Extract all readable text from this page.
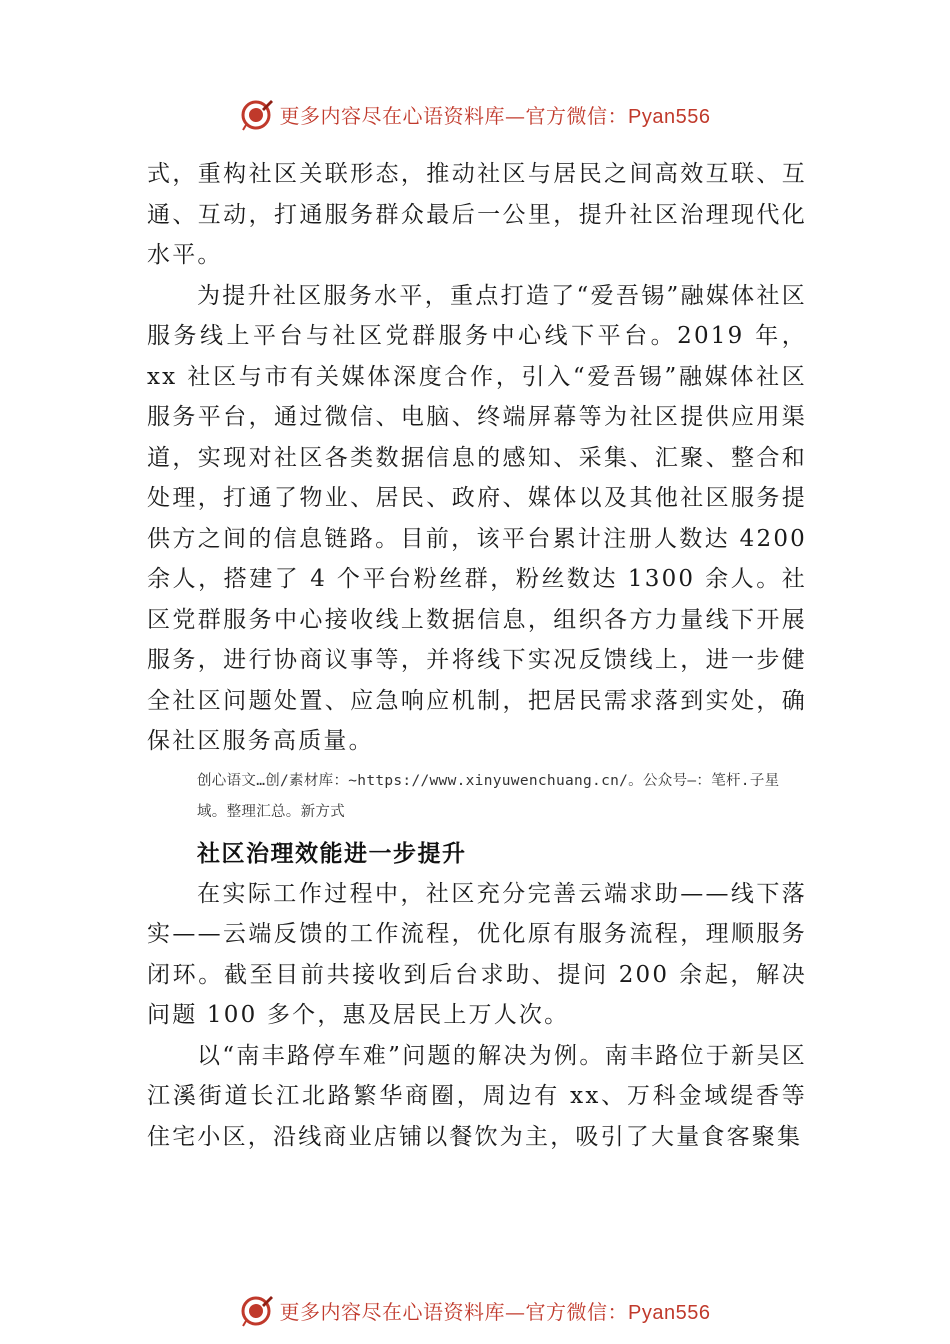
更多内容尽在心语资料库—官方微信：Pyan556

式，重构社区关联形态，推动社区与居民之间高效互联、互通、互动，打通服务群众最后一公里，提升社区治理现代化水平。

为提升社区服务水平，重点打造了“爱吾锡”融媒体社区服务线上平台与社区党群服务中心线下平台。2019 年，xx 社区与市有关媒体深度合作，引入“爱吾锡”融媒体社区服务平台，通过微信、电脑、终端屏幕等为社区提供应用渠道，实现对社区各类数据信息的感知、采集、汇聚、整合和处理，打通了物业、居民、政府、媒体以及其他社区服务提供方之间的信息链路。目前，该平台累计注册人数达 4200 余人，搭建了 4 个平台粉丝群，粉丝数达 1300 余人。社区党群服务中心接收线上数据信息，组织各方力量线下开展服务，进行协商议事等，并将线下实况反馈线上，进一步健全社区问题处置、应急响应机制，把居民需求落到实处，确保社区服务高质量。

创心语文…创/素材库：~https://www.xinyuwenchuang.cn/。公众号—：笔杆.子星域。整理汇总。新方式

社区治理效能进一步提升

在实际工作过程中，社区充分完善云端求助——线下落实——云端反馈的工作流程，优化原有服务流程，理顺服务闭环。截至目前共接收到后台求助、提问 200 余起，解决问题 100 多个，惠及居民上万人次。

以“南丰路停车难”问题的解决为例。南丰路位于新吴区江溪街道长江北路繁华商圈，周边有 xx、万科金域缇香等住宅小区，沿线商业店铺以餐饮为主，吸引了大量食客聚集

更多内容尽在心语资料库—官方微信：Pyan556
